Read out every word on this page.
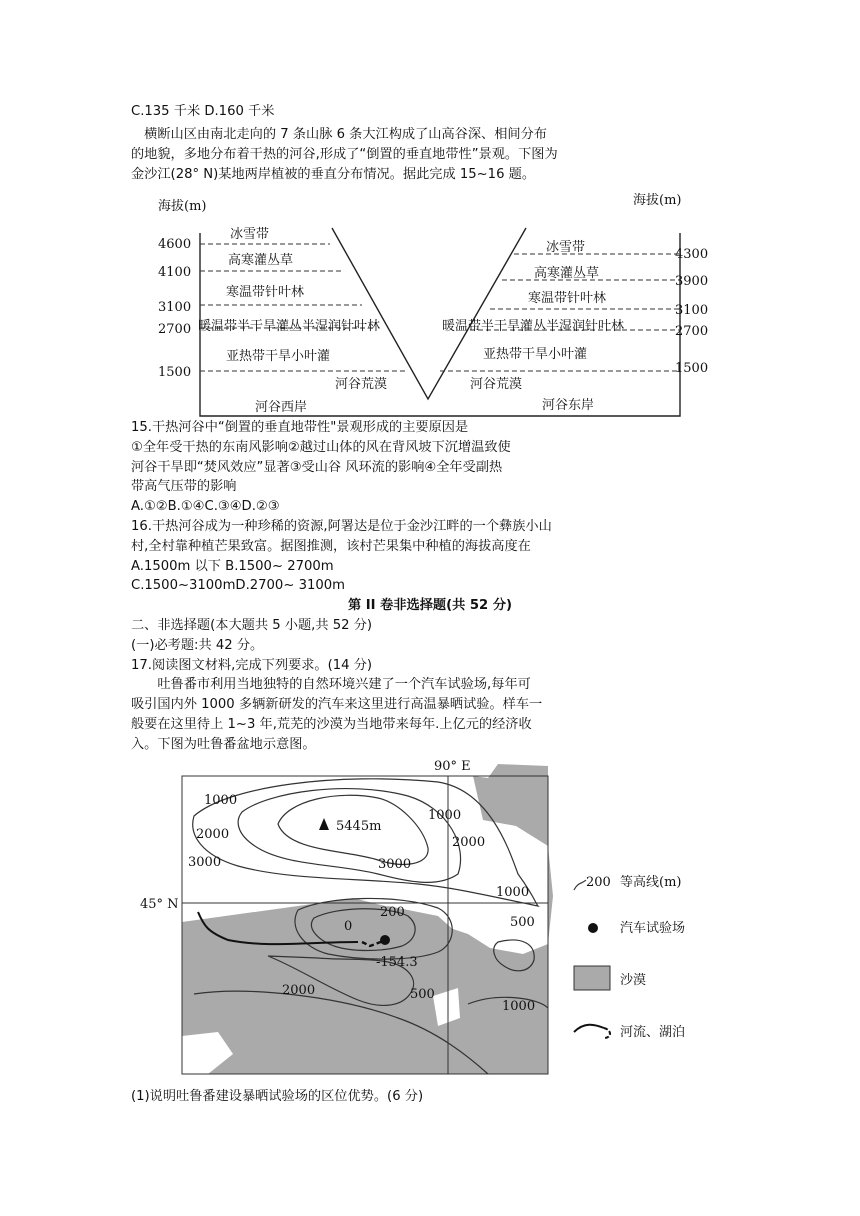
C.135 千米 D.160 千米
　横断山区由南北走向的 7 条山脉 6 条大江构成了山高谷深、相间分布
的地貌，多地分布着干热的河谷,形成了“倒置的垂直地带性”景观。下图为
金沙江(28° N)某地两岸植被的垂直分布情况。据此完成 15~16 题。
海拔(m)	海拔(m)
4600
4100
3100
2700
1500
4300
3900
3100
2700
1500
冰雪带
高寒灌丛草
寒温带针叶林
暖温带半干旱灌丛半湿润针叶林
亚热带干旱小叶灌
河谷荒漠
冰雪带
高寒灌丛草
寒温带针叶林
暖温带半干旱灌丛半湿润针叶林
亚热带干旱小叶灌
河谷荒漠
河谷西岸	河谷东岸
15.干热河谷中“倒置的垂直地带性"景观形成的主要原因是
①全年受干热的东南风影响②越过山体的风在背风坡下沉增温致使
河谷干旱即“焚风效应”显著③受山谷 风环流的影响④全年受副热
带高气压带的影响
A.①②B.①④C.③④D.②③
16.干热河谷成为一种珍稀的资源,阿署达是位于金沙江畔的一个彝族小山
村,全村靠种植芒果致富。据图推测，该村芒果集中种植的海拔高度在
A.1500m 以下 B.1500~ 2700m
C.1500~3100mD.2700~ 3100m
第 II 卷非选择题(共 52 分)
二、非选择题(本大题共 5 小题,共 52 分)
(一)必考题:共 42 分。
17.阅读图文材料,完成下列要求。(14 分)
　　吐鲁番市利用当地独特的自然环境兴建了一个汽车试验场,每年可
吸引国内外 1000 多辆新研发的汽车来这里进行高温暴晒试验。样车一
般要在这里待上 1~3 年,荒芜的沙漠为当地带来每年.上亿元的经济收
入。下图为吐鲁番盆地示意图。
90° E
45° N
5445m
-154.3
1000
2000
3000
1000
2000
3000
1000
200
0	500
500
2000
1000
200 等高线(m)
汽车试验场
沙漠
河流、湖泊
(1)说明吐鲁番建设暴晒试验场的区位优势。(6 分)
